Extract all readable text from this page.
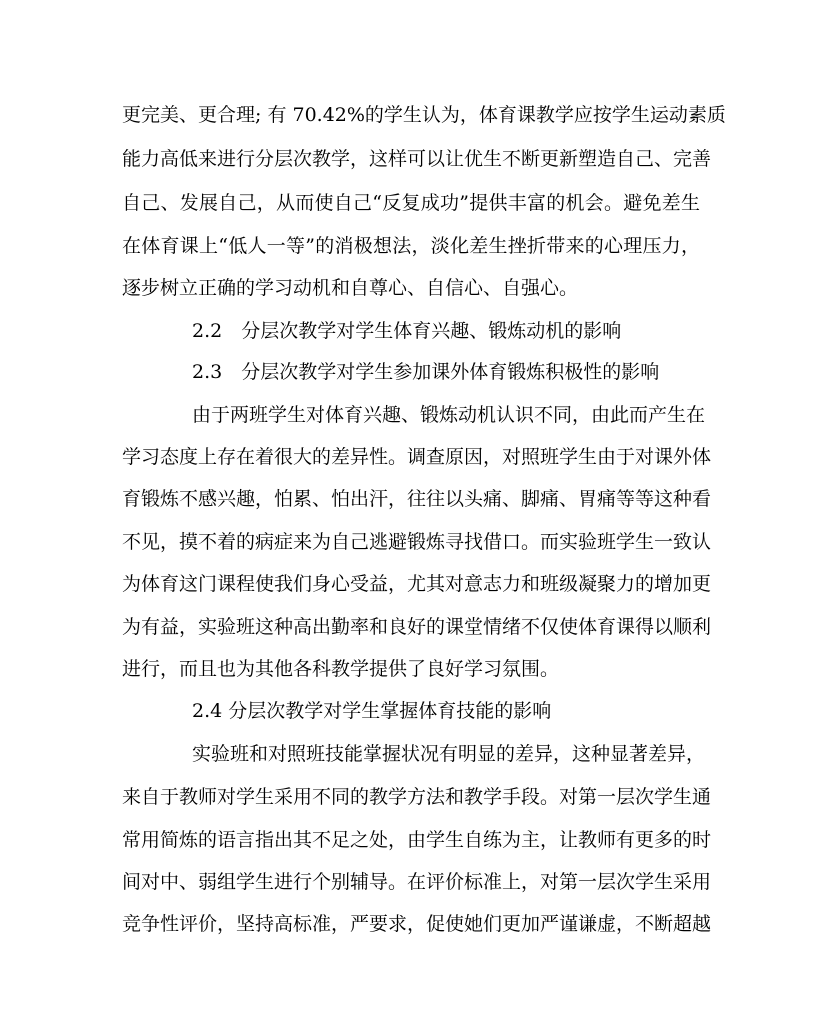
更完美、更合理; 有 70.42%的学生认为，体育课教学应按学生运动素质
能力高低来进行分层次教学，这样可以让优生不断更新塑造自己、完善
自己、发展自己，从而使自己“反复成功”提供丰富的机会。避免差生
在体育课上“低人一等”的消极想法，淡化差生挫折带来的心理压力，
逐步树立正确的学习动机和自尊心、自信心、自强心。
2.2　分层次教学对学生体育兴趣、锻炼动机的影响
2.3　分层次教学对学生参加课外体育锻炼积极性的影响
由于两班学生对体育兴趣、锻炼动机认识不同，由此而产生在
学习态度上存在着很大的差异性。调查原因，对照班学生由于对课外体
育锻炼不感兴趣，怕累、怕出汗，往往以头痛、脚痛、胃痛等等这种看
不见，摸不着的病症来为自己逃避锻炼寻找借口。而实验班学生一致认
为体育这门课程使我们身心受益，尤其对意志力和班级凝聚力的增加更
为有益，实验班这种高出勤率和良好的课堂情绪不仅使体育课得以顺利
进行，而且也为其他各科教学提供了良好学习氛围。
2.4 分层次教学对学生掌握体育技能的影响
实验班和对照班技能掌握状况有明显的差异，这种显著差异，
来自于教师对学生采用不同的教学方法和教学手段。对第一层次学生通
常用简炼的语言指出其不足之处，由学生自练为主，让教师有更多的时
间对中、弱组学生进行个别辅导。在评价标准上，对第一层次学生采用
竞争性评价，坚持高标准，严要求，促使她们更加严谨谦虚，不断超越
